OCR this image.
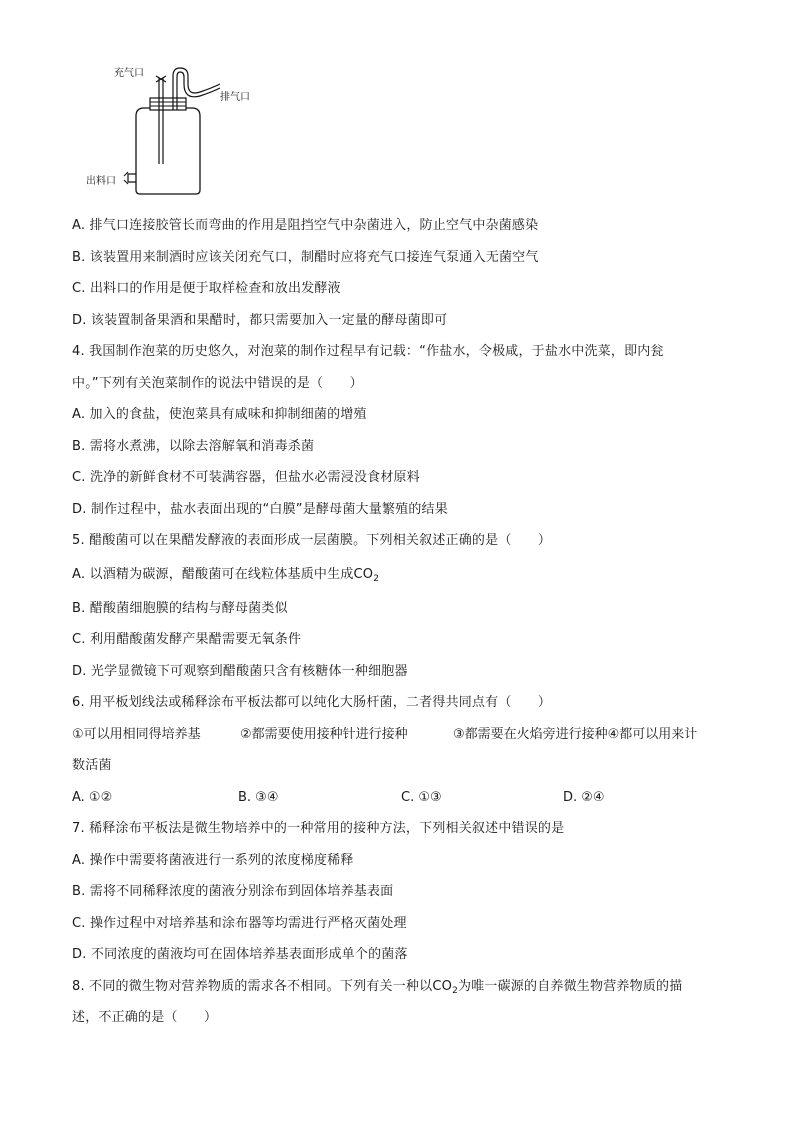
充气口
排气口
出料口
A. 排气口连接胶管长而弯曲的作用是阻挡空气中杂菌进入，防止空气中杂菌感染
B. 该装置用来制酒时应该关闭充气口，制醋时应将充气口接连气泵通入无菌空气
C. 出料口的作用是便于取样检查和放出发酵液
D. 该装置制备果酒和果醋时，都只需要加入一定量的酵母菌即可
4. 我国制作泡菜的历史悠久，对泡菜的制作过程早有记载：“作盐水，令极咸，于盐水中洗菜，即内瓮
中。”下列有关泡菜制作的说法中错误的是（　　）
A. 加入的食盐，使泡菜具有咸味和抑制细菌的增殖
B. 需将水煮沸，以除去溶解氧和消毒杀菌
C. 洗净的新鲜食材不可装满容器，但盐水必需浸没食材原料
D. 制作过程中，盐水表面出现的“白膜”是酵母菌大量繁殖的结果
5. 醋酸菌可以在果醋发酵液的表面形成一层菌膜。下列相关叙述正确的是（　　）
A. 以酒精为碳源，醋酸菌可在线粒体基质中生成$CO_2$
B. 醋酸菌细胞膜的结构与酵母菌类似
C. 利用醋酸菌发酵产果醋需要无氧条件
D. 光学显微镜下可观察到醋酸菌只含有核糖体一种细胞器
6. 用平板划线法或稀释涂布平板法都可以纯化大肠杆菌，二者得共同点有（　　）
①可以用相同得培养基	②都需要使用接种针进行接种	③都需要在火焰旁进行接种④都可以用来计
数活菌
A. ①②	B. ③④	C. ①③	D. ②④
7. 稀释涂布平板法是微生物培养中的一种常用的接种方法，下列相关叙述中错误的是
A. 操作中需要将菌液进行一系列的浓度梯度稀释
B. 需将不同稀释浓度的菌液分别涂布到固体培养基表面
C. 操作过程中对培养基和涂布器等均需进行严格灭菌处理
D. 不同浓度的菌液均可在固体培养基表面形成单个的菌落
8. 不同的微生物对营养物质的需求各不相同。下列有关一种以$CO_2$为唯一碳源的自养微生物营养物质的描
述，不正确的是（　　）
